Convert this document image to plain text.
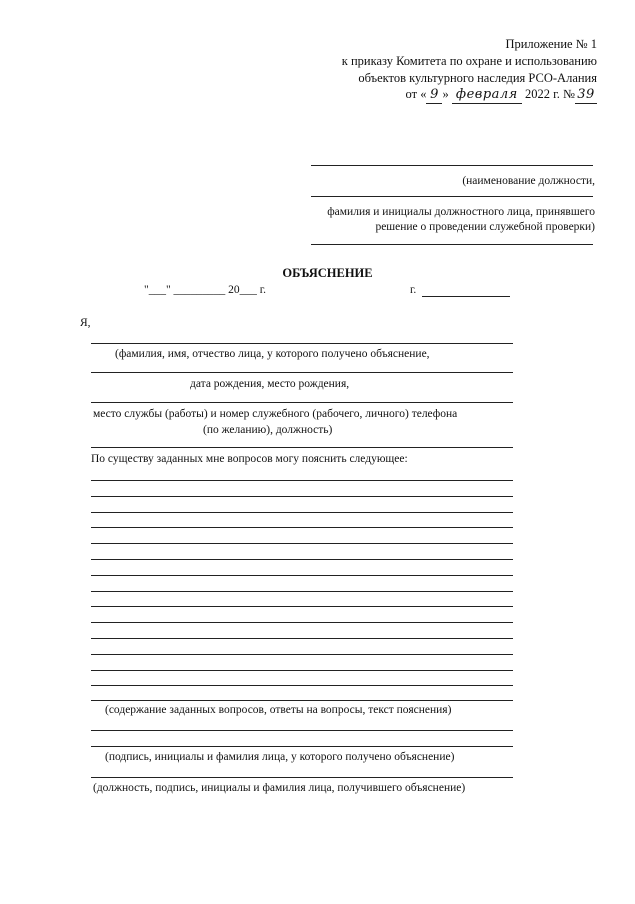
Приложение № 1
к приказу Комитета по охране и использованию
объектов культурного наследия РСО-Алания
от « 9 » февраля 2022 г. № 39
(наименование должности,
фамилия и инициалы должностного лица, принявшего
решение о проведении служебной проверки)
ОБЪЯСНЕНИЕ
"___" _________ 20___ г.	г.
Я,
(фамилия, имя, отчество лица, у которого получено объяснение,
дата рождения, место рождения,
место службы (работы) и номер служебного (рабочего, личного) телефона
(по желанию), должность)
По существу заданных мне вопросов могу пояснить следующее:
(содержание заданных вопросов, ответы на вопросы, текст пояснения)
(подпись, инициалы и фамилия лица, у которого получено объяснение)
(должность, подпись, инициалы и фамилия лица, получившего объяснение)
